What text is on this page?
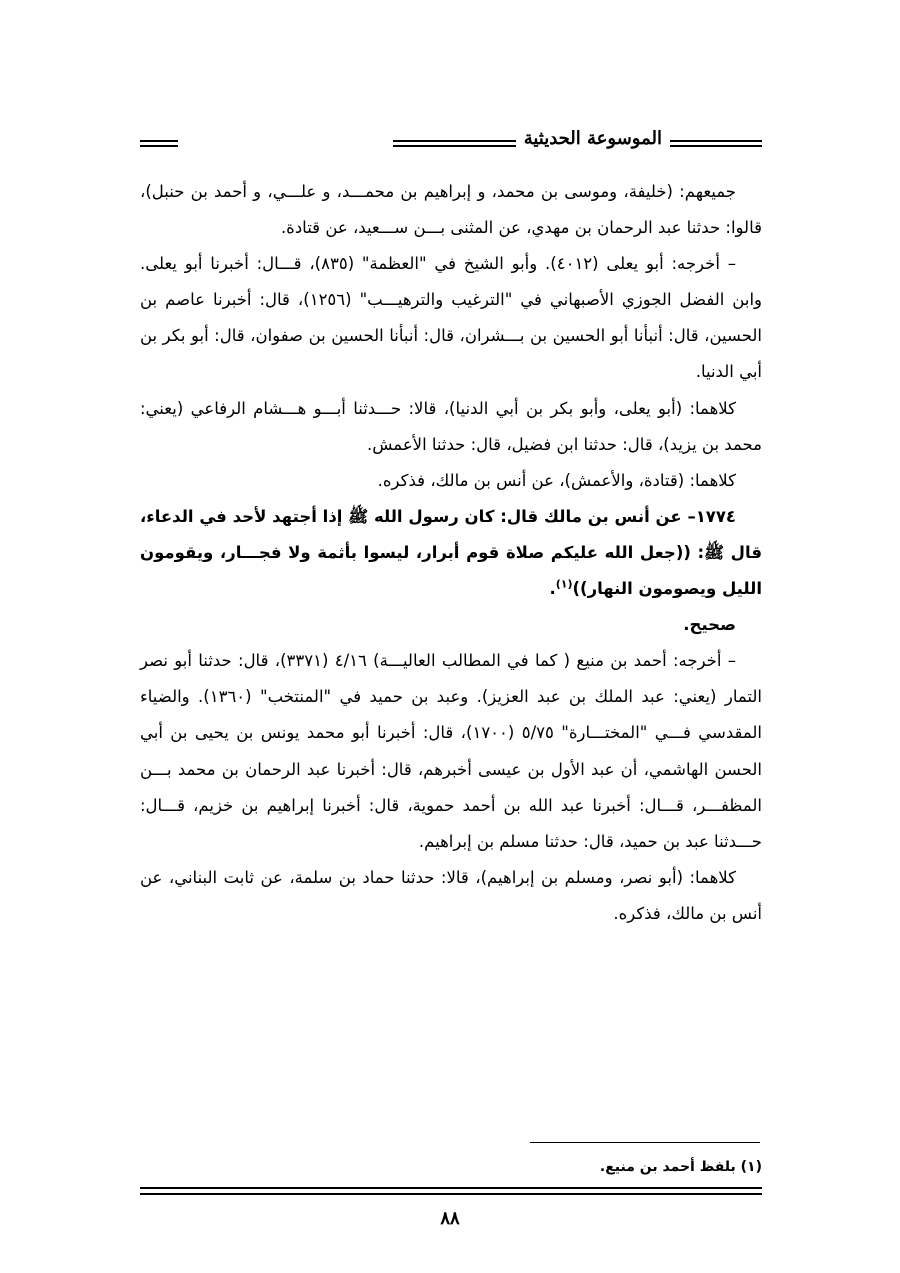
الموسوعة الحديثية

جميعهم: (خليفة، وموسى بن محمد، و إبراهيم بن محمـــد، و علـــي، و أحمد بن حنبل)، قالوا: حدثنا عبد الرحمان بن مهدي، عن المثنى بـــن ســـعيد، عن قتادة.

– أخرجه: أبو يعلى (٤٠١٢). وأبو الشيخ في "العظمة" (٨٣٥)، قـــال: أخبرنا أبو يعلى. وابن الفضل الجوزي الأصبهاني في "الترغيب والترهيـــب" (١٢٥٦)، قال: أخبرنا عاصم بن الحسين، قال: أنبأنا أبو الحسين بن بـــشران، قال: أنبأنا الحسين بن صفوان، قال: أبو بكر بن أبي الدنيا.

كلاهما: (أبو يعلى، وأبو بكر بن أبي الدنيا)، قالا: حـــدثنا أبـــو هـــشام الرفاعي (يعني: محمد بن يزيد)، قال: حدثنا ابن فضيل، قال: حدثنا الأعمش.

كلاهما: (قتادة، والأعمش)، عن أنس بن مالك، فذكره.

١٧٧٤– عن أنس بن مالك قال: كان رسول الله ﷺ إذا أجتهد لأحد في الدعاء، قال ﷺ: ((جعل الله عليكم صلاة قوم أبرار، ليسوا بأثمة ولا فجـــار، ويقومون الليل ويصومون النهار))$^{(١)}$.

صحيح.

– أخرجه: أحمد بن منيع ( كما في المطالب العاليـــة) ٤/١٦ (٣٣٧١)، قال: حدثنا أبو نصر التمار (يعني: عبد الملك بن عبد العزيز). وعبد بن حميد في "المنتخب" (١٣٦٠). والضياء المقدسي فـــي "المختـــارة" ٥/٧٥ (١٧٠٠)، قال: أخبرنا أبو محمد يونس بن يحيى بن أبي الحسن الهاشمي، أن عبد الأول بن عيسى أخبرهم، قال: أخبرنا عبد الرحمان بن محمد بـــن المظفـــر، قـــال: أخبرنا عبد الله بن أحمد حموية، قال: أخبرنا إبراهيم بن خزيم، قـــال: حـــدثنا عبد بن حميد، قال: حدثنا مسلم بن إبراهيم.

كلاهما: (أبو نصر، ومسلم بن إبراهيم)، قالا: حدثنا حماد بن سلمة، عن ثابت البناني، عن أنس بن مالك، فذكره.

(١) بلفظ أحمد بن منيع.
٨٨
